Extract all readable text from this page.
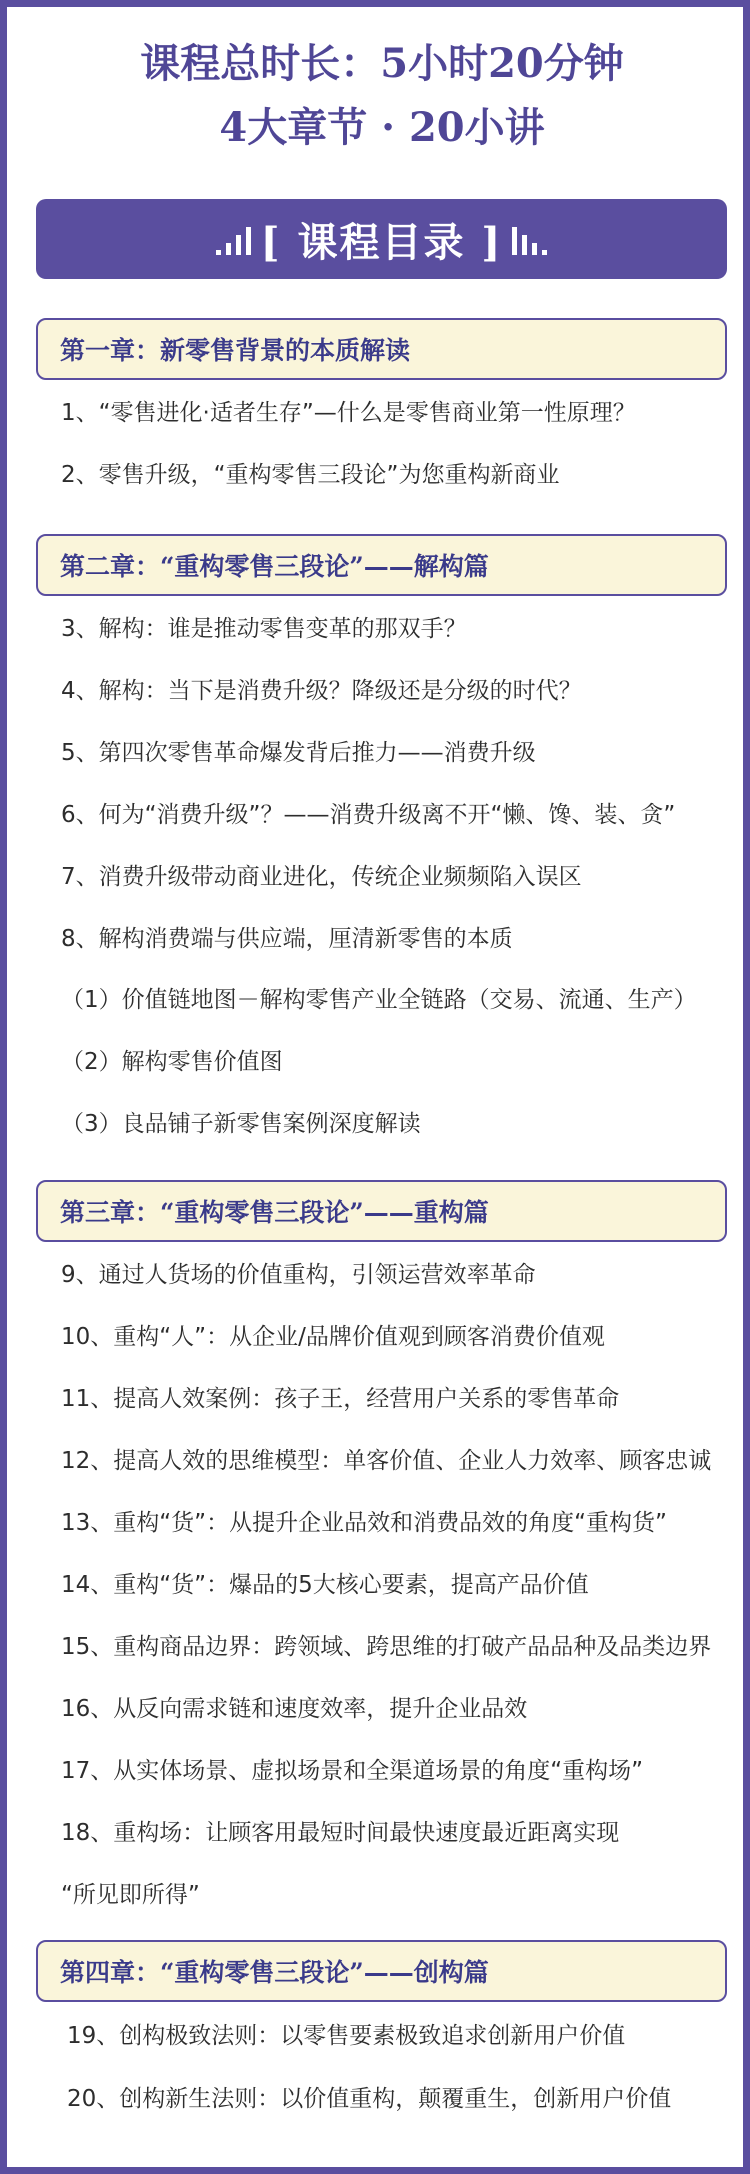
课程总时长：5小时20分钟
4大章节 · 20小讲
[ 课程目录 ]
第一章：新零售背景的本质解读
1、“零售进化·适者生存”—什么是零售商业第一性原理？
2、零售升级，“重构零售三段论”为您重构新商业
第二章：“重构零售三段论”——解构篇
3、解构：谁是推动零售变革的那双手？
4、解构：当下是消费升级？降级还是分级的时代？
5、第四次零售革命爆发背后推力——消费升级
6、何为“消费升级”？——消费升级离不开“懒、馋、装、贪”
7、消费升级带动商业进化，传统企业频频陷入误区
8、解构消费端与供应端，厘清新零售的本质
（1）价值链地图－解构零售产业全链路（交易、流通、生产）
（2）解构零售价值图
（3）良品铺子新零售案例深度解读
第三章：“重构零售三段论”——重构篇
9、通过人货场的价值重构，引领运营效率革命
10、重构“人”：从企业/品牌价值观到顾客消费价值观
11、提高人效案例：孩子王，经营用户关系的零售革命
12、提高人效的思维模型：单客价值、企业人力效率、顾客忠诚
13、重构“货”：从提升企业品效和消费品效的角度“重构货”
14、重构“货”：爆品的5大核心要素，提高产品价值
15、重构商品边界：跨领域、跨思维的打破产品品种及品类边界
16、从反向需求链和速度效率，提升企业品效
17、从实体场景、虚拟场景和全渠道场景的角度“重构场”
18、重构场：让顾客用最短时间最快速度最近距离实现
“所见即所得”
第四章：“重构零售三段论”——创构篇
19、创构极致法则：以零售要素极致追求创新用户价值
20、创构新生法则：以价值重构，颠覆重生，创新用户价值
